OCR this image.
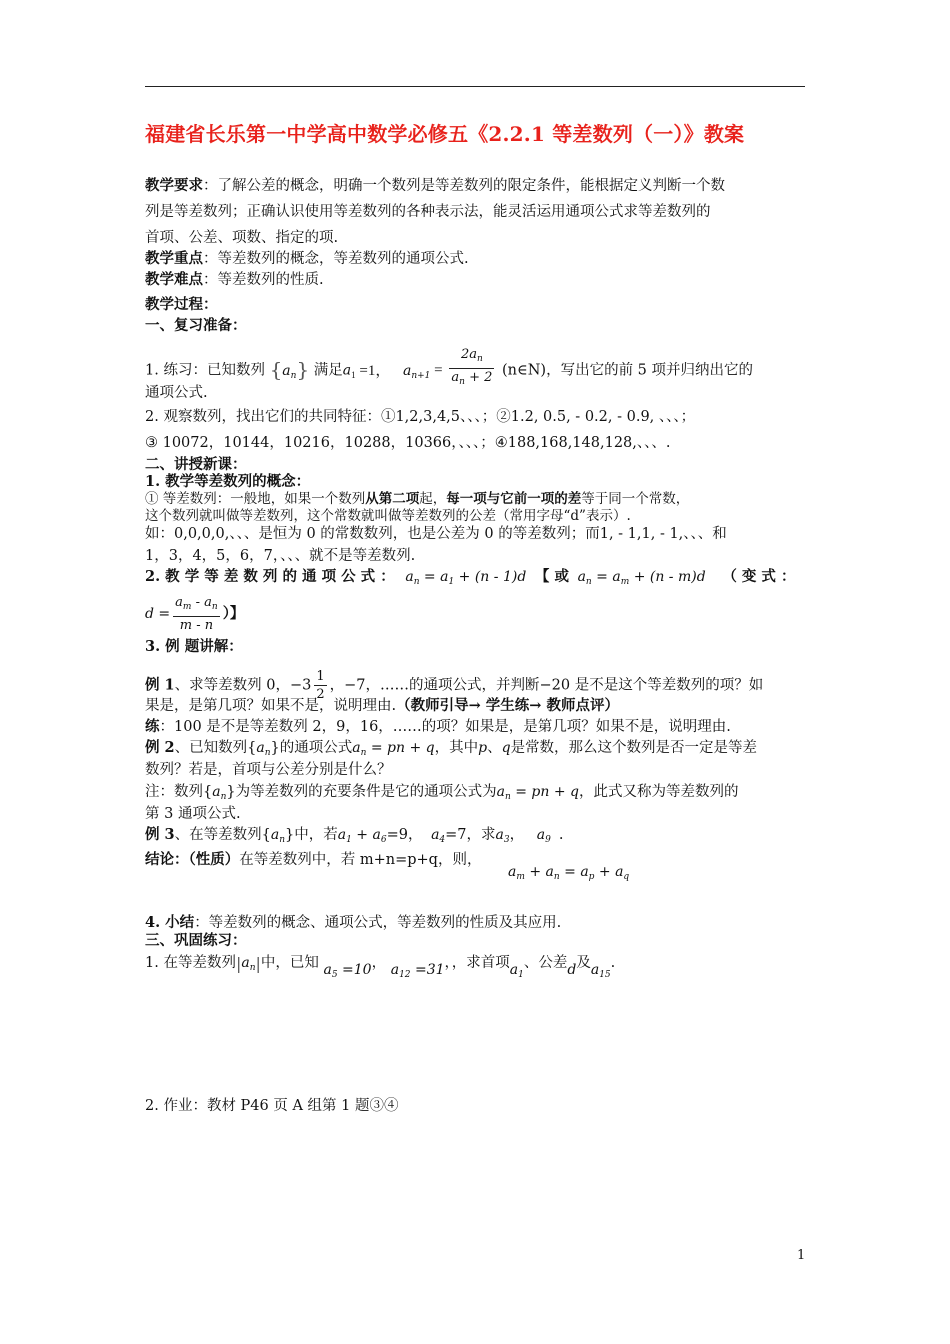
福建省长乐第一中学高中数学必修五《2.2.1 等差数列（一）》教案
教学要求：了解公差的概念，明确一个数列是等差数列的限定条件，能根据定义判断一个数
列是等差数列；正确认识使用等差数列的各种表示法，能灵活运用通项公式求等差数列的
首项、公差、项数、指定的项.
教学重点：等差数列的概念，等差数列的通项公式.
教学难点：等差数列的性质.
教学过程：
一、复习准备：
1. 练习：已知数列 $\{a_n\}$ 满足$a_1 =1$， $a_{n+1} = \frac{2a_n}{a_n + 2}$ (n∈N)，写出它的前 5 项并归纳出它的
通项公式.
2. 观察数列，找出它们的共同特征：①1,2,3,4,5、、、；②1.2, 0.5, - 0.2, - 0.9, 、、、；
③ 10072，10144，10216，10288，10366，、、、；④188,168,148,128,、、、.
二、讲授新课：
1. 教学等差数列的概念：
① 等差数列：一般地，如果一个数列从第二项起，每一项与它前一项的差等于同一个常数，
这个数列就叫做等差数列，这个常数就叫做等差数列的公差（常用字母“d”表示）.
如：0,0,0,0,、、、是恒为 0 的常数数列，也是公差为 0 的等差数列；而1, - 1,1, - 1,、、、和
1，3，4，5，6，7，、、、就不是等差数列.
2. 教 学 等 差 数 列 的 通 项 公 式 ： $a_n = a_1 + (n - 1)d$ 【 或 $a_n = a_m + (n - m)d$ （ 变 式 ：
$d = \frac{a_m - a_n}{m - n}$ ）】
3. 例 题讲解：
例 1、求等差数列 0，$-3 \frac{1}{2}$ ，−7，……的通项公式，并判断−20 是不是这个等差数列的项？如
果是，是第几项？如果不是，说明理由.（教师引导→ 学生练→ 教师点评）
练：100 是不是等差数列 2，9，16，……的项？如果是，是第几项？如果不是，说明理由.
例 2、已知数列$\{a_n\}$的通项公式$a_n$ = pn + q，其中p、q是常数，那么这个数列是否一定是等差
数列？若是，首项与公差分别是什么？
注：数列$\{a_n\}$为等差数列的充要条件是它的通项公式为$a_n$ = pn + q，此式又称为等差数列的
第 3 通项公式.
例 3、在等差数列$\{a_n\}$中，若$a_1 + a_6=9$， $a_4=7$，求$a_3$， $a_9$ .
结论：（性质）在等差数列中，若 m+n=p+q，则，
$a_m + a_n = a_p + a_q$
4. 小结：等差数列的概念、通项公式，等差数列的性质及其应用.
三、巩固练习：
1. 在等差数列$|a_n|$中，已知 $a_5 =10$， $a_{12} =31$，，求首项$a_1$、公差d及$a_{15}$.
2. 作业：教材 P46 页 A 组第 1 题③④
1
